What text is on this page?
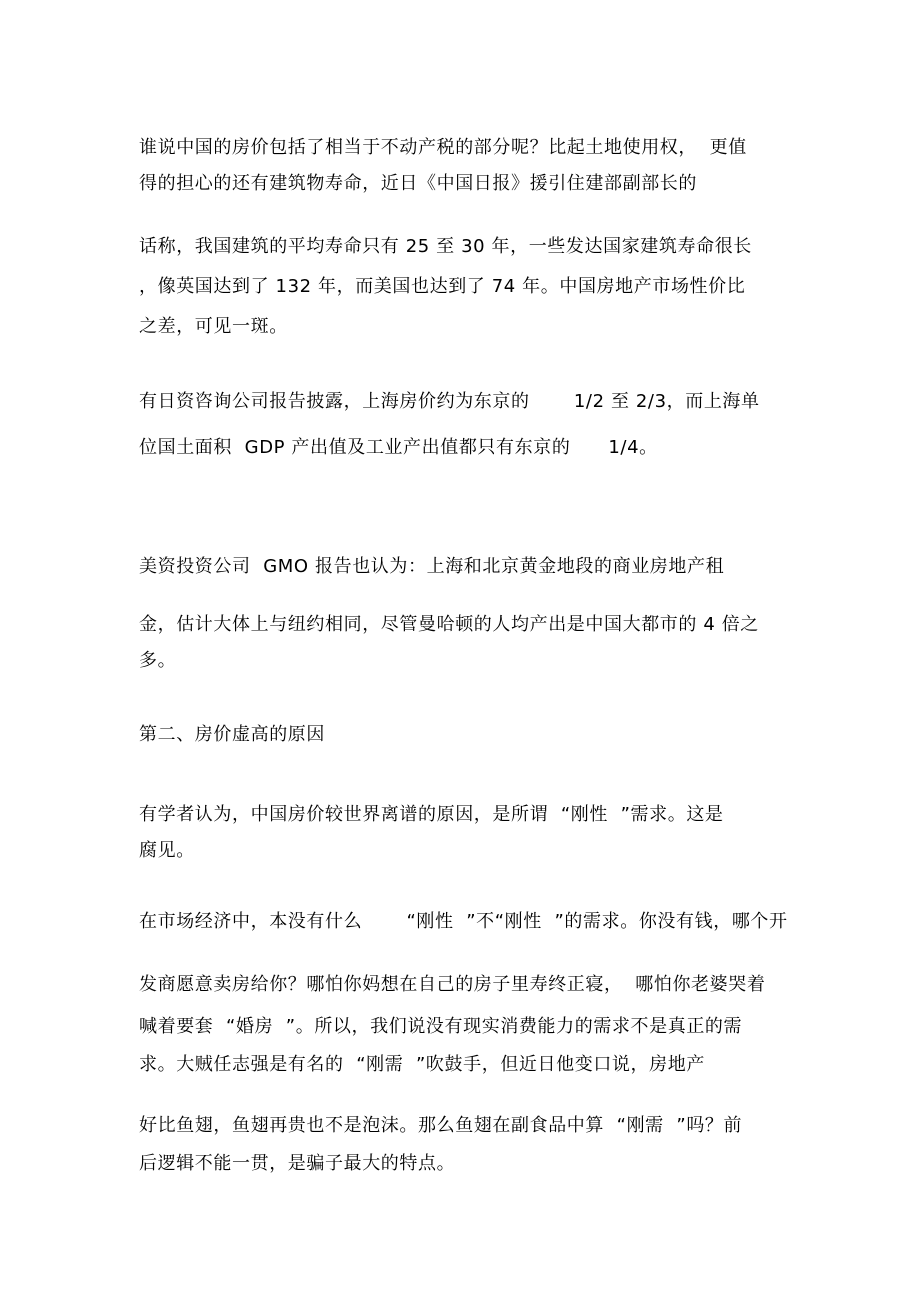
谁说中国的房价包括了相当于不动产税的部分呢？比起土地使用权，  更值
得的担心的还有建筑物寿命，近日《中国日报》援引住建部副部长的
话称，我国建筑的平均寿命只有 25 至 30 年，一些发达国家建筑寿命很长
，像英国达到了 132 年，而美国也达到了 74 年。中国房地产市场性价比
之差，可见一斑。
有日资咨询公司报告披露，上海房价约为东京的       1/2 至 2/3，而上海单
位国土面积  GDP 产出值及工业产出值都只有东京的      1/4。
美资投资公司  GMO 报告也认为：上海和北京黄金地段的商业房地产租
金，估计大体上与纽约相同，尽管曼哈顿的人均产出是中国大都市的 4 倍之
多。
第二、房价虚高的原因
有学者认为，中国房价较世界离谱的原因，是所谓  “刚性  ”需求。这是
腐见。
在市场经济中，本没有什么       “刚性  ”不“刚性  ”的需求。你没有钱，哪个开
发商愿意卖房给你？哪怕你妈想在自己的房子里寿终正寝，  哪怕你老婆哭着
喊着要套  “婚房  ”。所以，我们说没有现实消费能力的需求不是真正的需
求。大贼任志强是有名的  “刚需  ”吹鼓手，但近日他变口说，房地产
好比鱼翅，鱼翅再贵也不是泡沫。那么鱼翅在副食品中算  “刚需  ”吗？前
后逻辑不能一贯，是骗子最大的特点。
